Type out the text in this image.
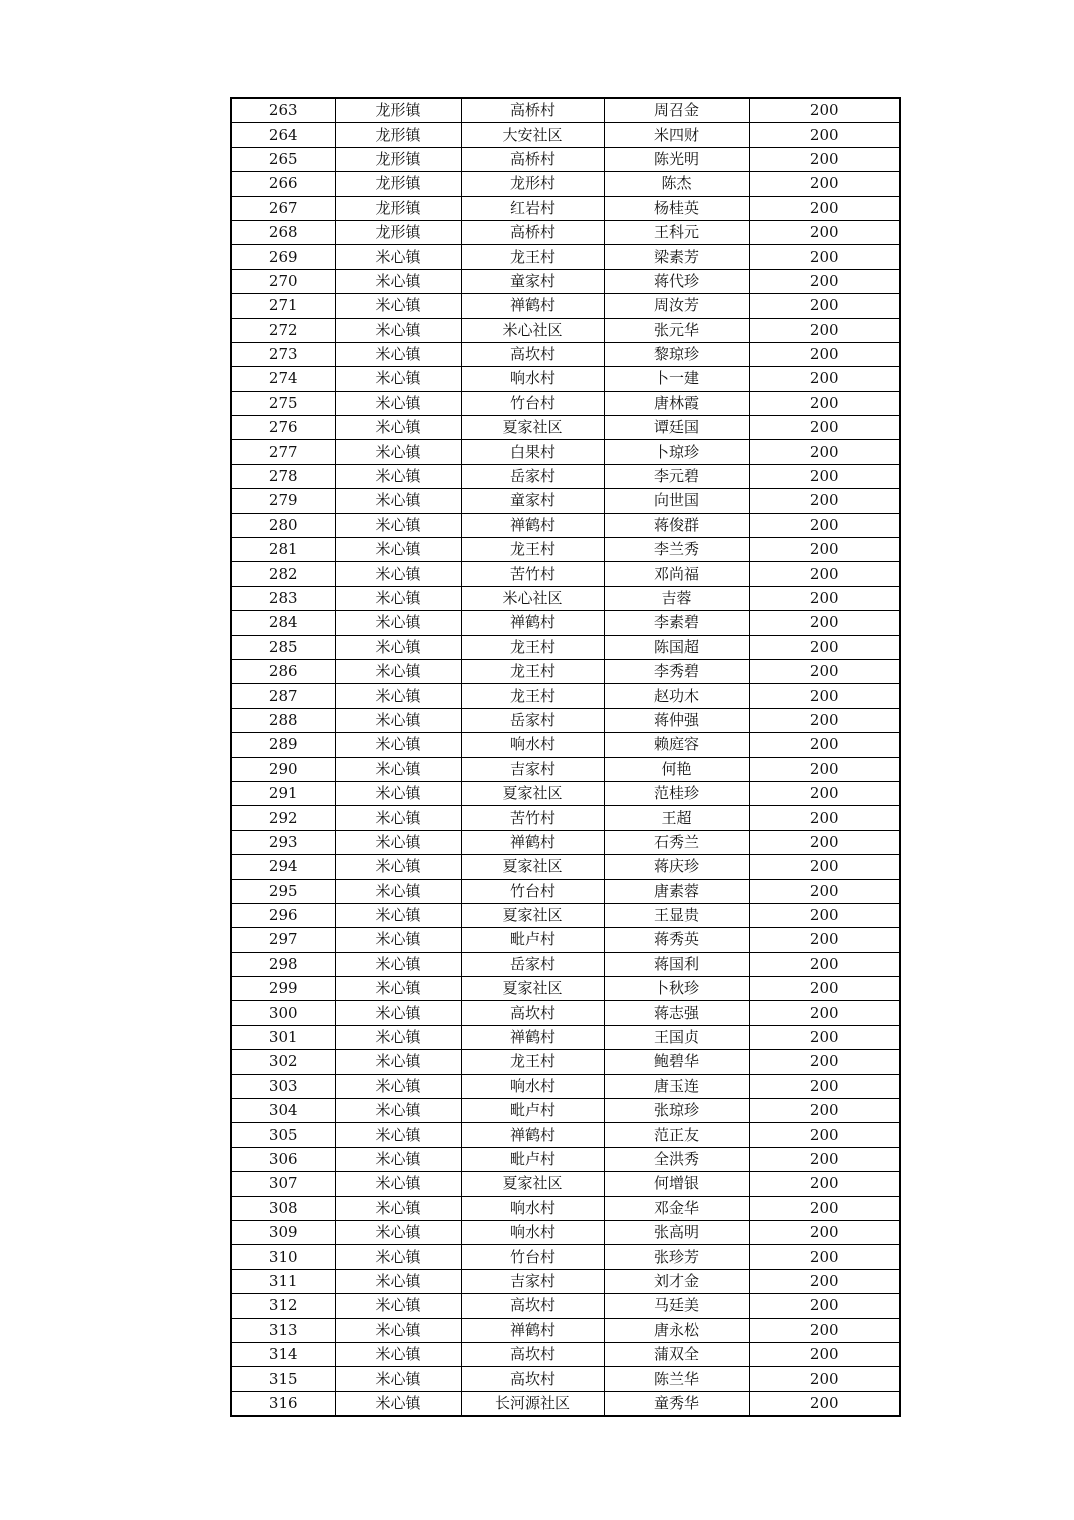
263	龙形镇	高桥村	周召金	200
264	龙形镇	大安社区	米四财	200
265	龙形镇	高桥村	陈光明	200
266	龙形镇	龙形村	陈杰	200
267	龙形镇	红岩村	杨桂英	200
268	龙形镇	高桥村	王科元	200
269	米心镇	龙王村	梁素芳	200
270	米心镇	童家村	蒋代珍	200
271	米心镇	禅鹤村	周汝芳	200
272	米心镇	米心社区	张元华	200
273	米心镇	高坎村	黎琼珍	200
274	米心镇	响水村	卜一建	200
275	米心镇	竹台村	唐林霞	200
276	米心镇	夏家社区	谭廷国	200
277	米心镇	白果村	卜琼珍	200
278	米心镇	岳家村	李元碧	200
279	米心镇	童家村	向世国	200
280	米心镇	禅鹤村	蒋俊群	200
281	米心镇	龙王村	李兰秀	200
282	米心镇	苦竹村	邓尚福	200
283	米心镇	米心社区	吉蓉	200
284	米心镇	禅鹤村	李素碧	200
285	米心镇	龙王村	陈国超	200
286	米心镇	龙王村	李秀碧	200
287	米心镇	龙王村	赵功木	200
288	米心镇	岳家村	蒋仲强	200
289	米心镇	响水村	赖庭容	200
290	米心镇	吉家村	何艳	200
291	米心镇	夏家社区	范桂珍	200
292	米心镇	苦竹村	王超	200
293	米心镇	禅鹤村	石秀兰	200
294	米心镇	夏家社区	蒋庆珍	200
295	米心镇	竹台村	唐素蓉	200
296	米心镇	夏家社区	王显贵	200
297	米心镇	毗卢村	蒋秀英	200
298	米心镇	岳家村	蒋国利	200
299	米心镇	夏家社区	卜秋珍	200
300	米心镇	高坎村	蒋志强	200
301	米心镇	禅鹤村	王国贞	200
302	米心镇	龙王村	鲍碧华	200
303	米心镇	响水村	唐玉连	200
304	米心镇	毗卢村	张琼珍	200
305	米心镇	禅鹤村	范正友	200
306	米心镇	毗卢村	全洪秀	200
307	米心镇	夏家社区	何增银	200
308	米心镇	响水村	邓金华	200
309	米心镇	响水村	张高明	200
310	米心镇	竹台村	张珍芳	200
311	米心镇	吉家村	刘才金	200
312	米心镇	高坎村	马廷美	200
313	米心镇	禅鹤村	唐永松	200
314	米心镇	高坎村	蒲双全	200
315	米心镇	高坎村	陈兰华	200
316	米心镇	长河源社区	童秀华	200
